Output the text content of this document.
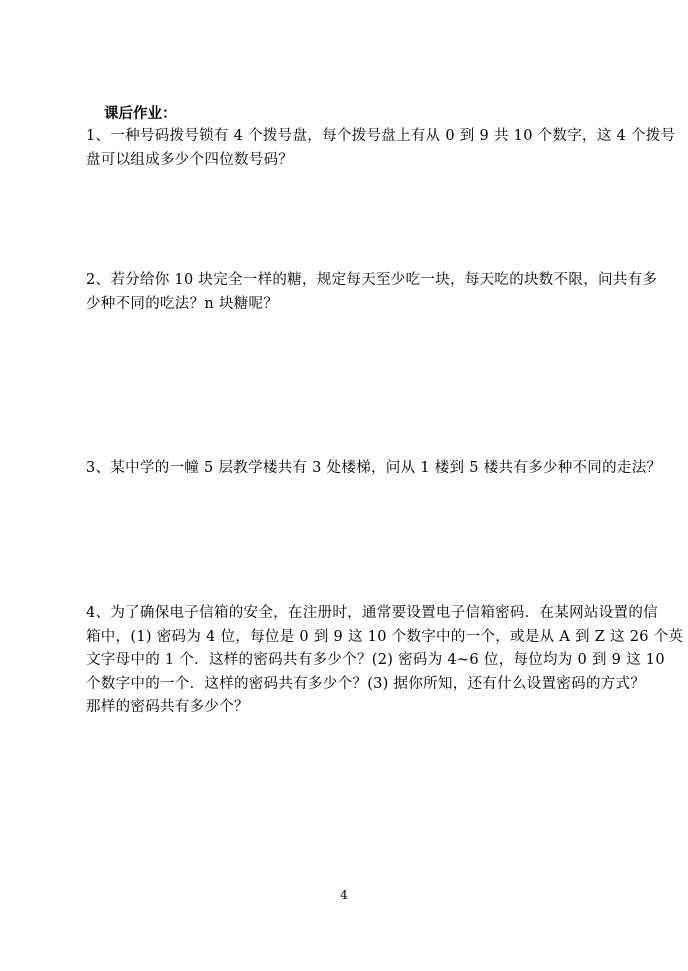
课后作业：

1、一种号码拨号锁有 4 个拨号盘，每个拨号盘上有从 0 到 9 共 10 个数字，这 4 个拨号

盘可以组成多少个四位数号码？

2、若分给你 10 块完全一样的糖，规定每天至少吃一块，每天吃的块数不限，问共有多

少种不同的吃法？n 块糖呢？

3、某中学的一幢 5 层教学楼共有 3 处楼梯，问从 1 楼到 5 楼共有多少种不同的走法？

4、为了确保电子信箱的安全，在注册时，通常要设置电子信箱密码．在某网站设置的信

箱中，(1) 密码为 4 位，每位是 0 到 9 这 10 个数字中的一个，或是从 A 到 Z 这 26 个英

文字母中的 1 个．这样的密码共有多少个？(2) 密码为 4~6 位，每位均为 0 到 9 这 10

个数字中的一个．这样的密码共有多少个？(3) 据你所知，还有什么设置密码的方式？

那样的密码共有多少个？

4
